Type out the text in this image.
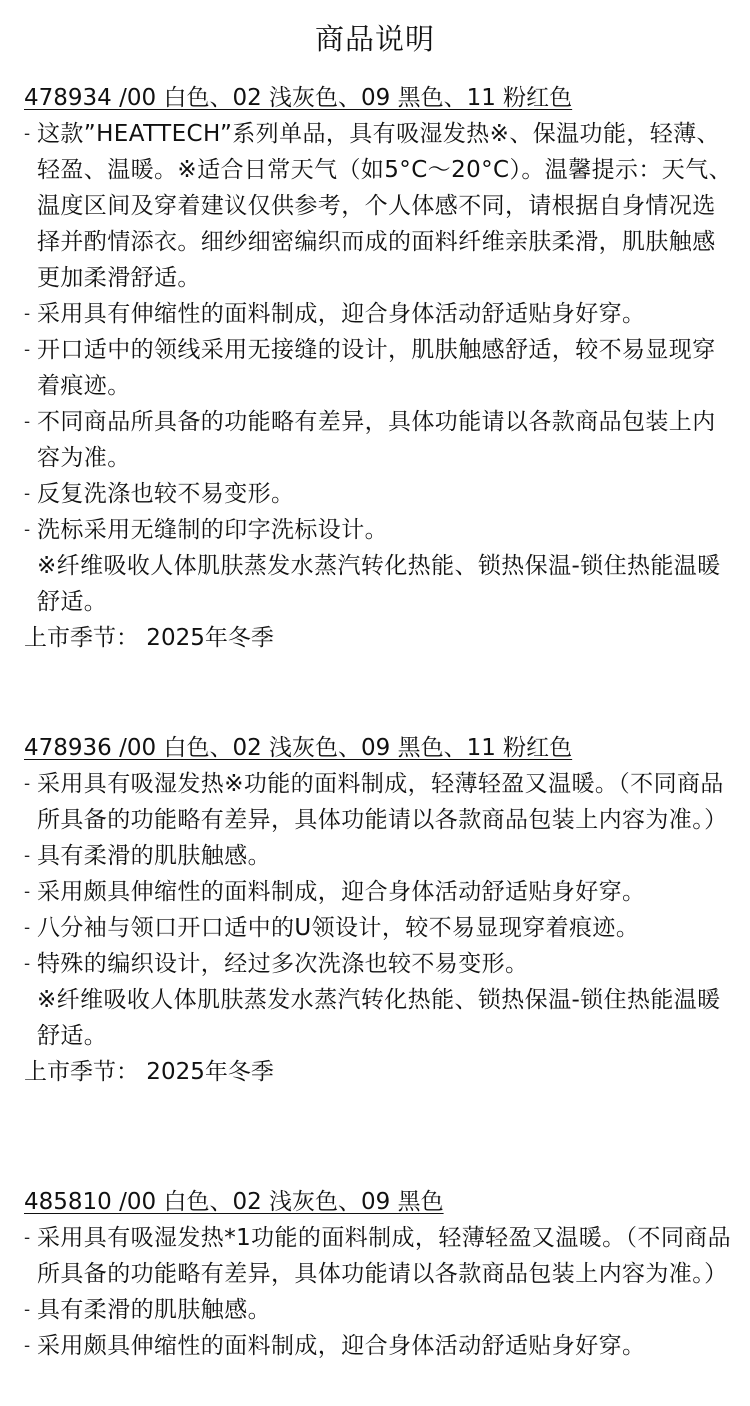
商品说明
478934 /00 白色、02 浅灰色、09 黑色、11 粉红色
- 这款”HEATTECH”系列单品，具有吸湿发热※、保温功能，轻薄、轻盈、温暖。※适合日常天气（如5°C～20°C）。温馨提示：天气、温度区间及穿着建议仅供参考，个人体感不同，请根据自身情况选择并酌情添衣。细纱细密编织而成的面料纤维亲肤柔滑，肌肤触感更加柔滑舒适。
- 采用具有伸缩性的面料制成，迎合身体活动舒适贴身好穿。
- 开口适中的领线采用无接缝的设计，肌肤触感舒适，较不易显现穿着痕迹。
- 不同商品所具备的功能略有差异，具体功能请以各款商品包装上内容为准。
- 反复洗涤也较不易变形。
- 洗标采用无缝制的印字洗标设计。
※纤维吸收人体肌肤蒸发水蒸汽转化热能、锁热保温-锁住热能温暖舒适。
上市季节： 2025年冬季
478936 /00 白色、02 浅灰色、09 黑色、11 粉红色
- 采用具有吸湿发热※功能的面料制成，轻薄轻盈又温暖。（不同商品所具备的功能略有差异，具体功能请以各款商品包装上内容为准。）
- 具有柔滑的肌肤触感。
- 采用颇具伸缩性的面料制成，迎合身体活动舒适贴身好穿。
- 八分袖与领口开口适中的U领设计，较不易显现穿着痕迹。
- 特殊的编织设计，经过多次洗涤也较不易变形。
※纤维吸收人体肌肤蒸发水蒸汽转化热能、锁热保温-锁住热能温暖舒适。
上市季节： 2025年冬季
485810 /00 白色、02 浅灰色、09 黑色
- 采用具有吸湿发热*1功能的面料制成，轻薄轻盈又温暖。（不同商品所具备的功能略有差异，具体功能请以各款商品包装上内容为准。）
- 具有柔滑的肌肤触感。
- 采用颇具伸缩性的面料制成，迎合身体活动舒适贴身好穿。
